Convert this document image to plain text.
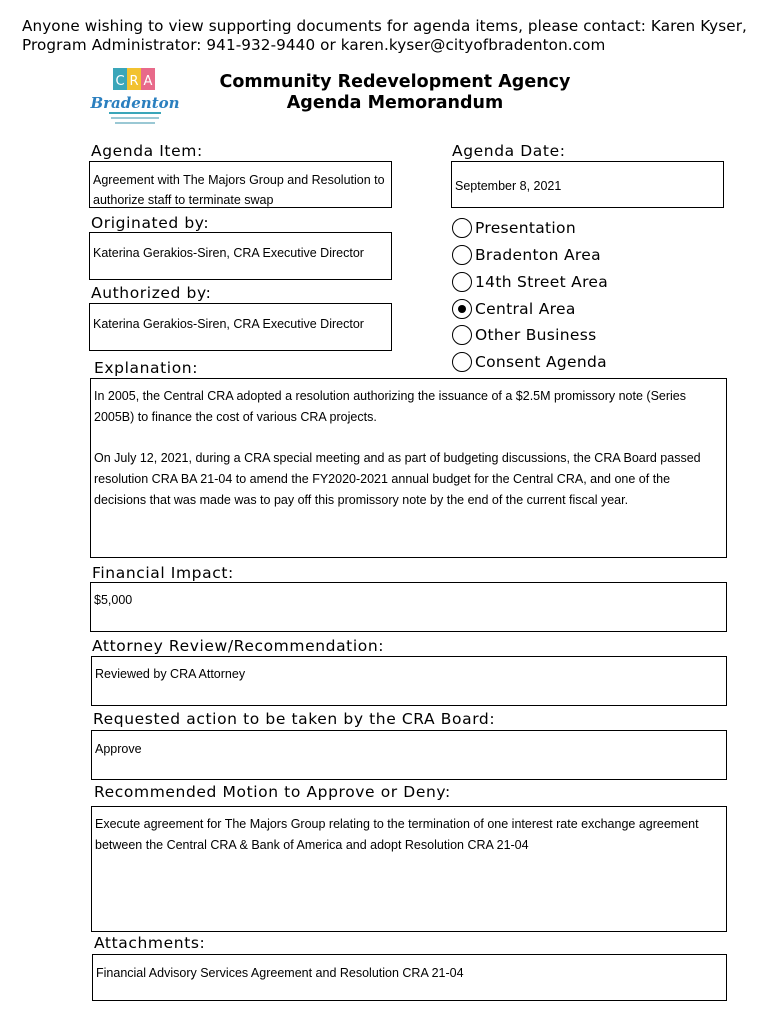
Anyone wishing to view supporting documents for agenda items, please contact: Karen Kyser,
Program Administrator: 941-932-9440 or karen.kyser@cityofbradenton.com
C R A
Bradenton
Community Redevelopment Agency
Agenda Memorandum
Agenda Item:
Agreement with The Majors Group and Resolution to authorize staff to terminate swap
Agenda Date:
September 8, 2021
Originated by:
Katerina Gerakios-Siren, CRA Executive Director
Authorized by:
Katerina Gerakios-Siren, CRA Executive Director
Presentation
Bradenton Area
14th Street Area
Central Area
Other Business
Consent Agenda
Explanation:

In 2005, the Central CRA adopted a resolution authorizing the issuance of a $2.5M promissory note (Series 2005B) to finance the cost of various CRA projects.

On July 12, 2021, during a CRA special meeting and as part of budgeting discussions, the CRA Board passed resolution CRA BA 21-04 to amend the FY2020-2021 annual budget for the Central CRA, and one of the decisions that was made was to pay off this promissory note by the end of the current fiscal year.

Financial Impact:
$5,000
Attorney Review/Recommendation:
Reviewed by CRA Attorney
Requested action to be taken by the CRA Board:
Approve
Recommended Motion to Approve or Deny:
Execute agreement for The Majors Group relating to the termination of one interest rate exchange agreement between the Central CRA & Bank of America and adopt Resolution CRA 21-04
Attachments:
Financial Advisory Services Agreement and Resolution CRA 21-04
